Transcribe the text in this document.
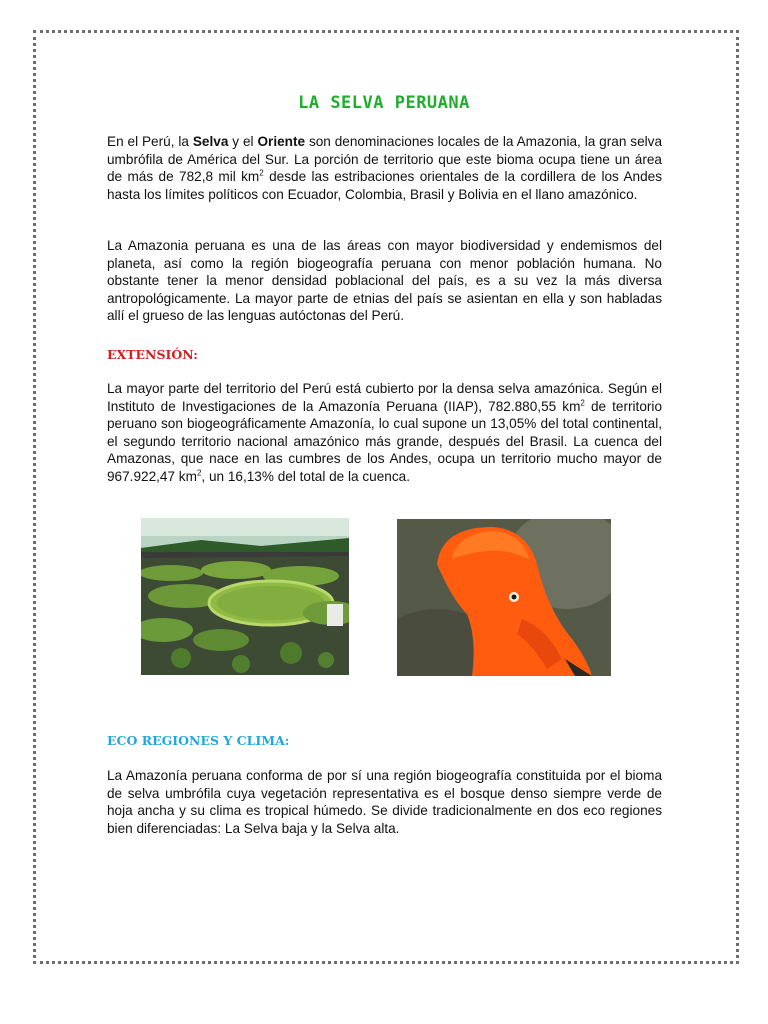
LA SELVA PERUANA

En el Perú, la Selva y el Oriente son denominaciones locales de la Amazonia, la gran selva umbrófila de América del Sur. La porción de territorio que este bioma ocupa tiene un área de más de 782,8 mil $km^2$ desde las estribaciones orientales de la cordillera de los Andes hasta los límites políticos con Ecuador, Colombia, Brasil y Bolivia en el llano amazónico.

La Amazonia peruana es una de las áreas con mayor biodiversidad y endemismos del planeta, así como la región biogeografía peruana con menor población humana. No obstante tener la menor densidad poblacional del país, es a su vez la más diversa antropológicamente. La mayor parte de etnias del país se asientan en ella y son habladas allí el grueso de las lenguas autóctonas del Perú.

EXTENSIÓN:

La mayor parte del territorio del Perú está cubierto por la densa selva amazónica. Según el Instituto de Investigaciones de la Amazonía Peruana (IIAP), 782.880,55 $km^2$ de territorio peruano son biogeográficamente Amazonía, lo cual supone un 13,05% del total continental, el segundo territorio nacional amazónico más grande, después del Brasil. La cuenca del Amazonas, que nace en las cumbres de los Andes, ocupa un territorio mucho mayor de 967.922,47 $km^2$, un 16,13% del total de la cuenca.

ECO REGIONES Y CLIMA:

La Amazonía peruana conforma de por sí una región biogeografía constituida por el bioma de selva umbrófila cuya vegetación representativa es el bosque denso siempre verde de hoja ancha y su clima es tropical húmedo. Se divide tradicionalmente en dos eco regiones bien diferenciadas: La Selva baja y la Selva alta.
